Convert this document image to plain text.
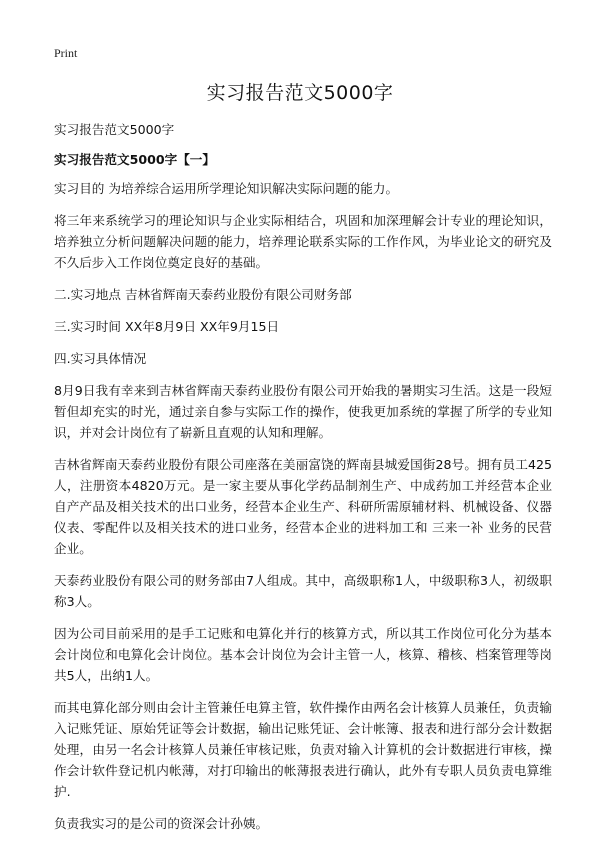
Print
实习报告范文5000字

实习报告范文5000字

实习报告范文5000字【一】

实习目的 为培养综合运用所学理论知识解决实际问题的能力。

将三年来系统学习的理论知识与企业实际相结合，巩固和加深理解会计专业的理论知识，培养独立分析问题解决问题的能力，培养理论联系实际的工作作风，为毕业论文的研究及不久后步入工作岗位奠定良好的基础。

二.实习地点 吉林省辉南天泰药业股份有限公司财务部

三.实习时间 XX年8月9日 XX年9月15日

四.实习具体情况

8月9日我有幸来到吉林省辉南天泰药业股份有限公司开始我的暑期实习生活。这是一段短暂但却充实的时光，通过亲自参与实际工作的操作，使我更加系统的掌握了所学的专业知识，并对会计岗位有了崭新且直观的认知和理解。

吉林省辉南天泰药业股份有限公司座落在美丽富饶的辉南县城爱国街28号。拥有员工425人，注册资本4820万元。是一家主要从事化学药品制剂生产、中成药加工并经营本企业自产产品及相关技术的出口业务，经营本企业生产、科研所需原辅材料、机械设备、仪器仪表、零配件以及相关技术的进口业务，经营本企业的进料加工和 三来一补 业务的民营企业。

天泰药业股份有限公司的财务部由7人组成。其中，高级职称1人，中级职称3人，初级职称3人。

因为公司目前采用的是手工记账和电算化并行的核算方式，所以其工作岗位可化分为基本会计岗位和电算化会计岗位。基本会计岗位为会计主管一人，核算、稽核、档案管理等岗共5人，出纳1人。

而其电算化部分则由会计主管兼任电算主管，软件操作由两名会计核算人员兼任，负责输入记账凭证、原始凭证等会计数据，输出记账凭证、会计帐簿、报表和进行部分会计数据处理，由另一名会计核算人员兼任审核记账，负责对输入计算机的会计数据进行审核，操作会计软件登记机内帐薄，对打印输出的帐薄报表进行确认，此外有专职人员负责电算维护.

负责我实习的是公司的资深会计孙姨。
